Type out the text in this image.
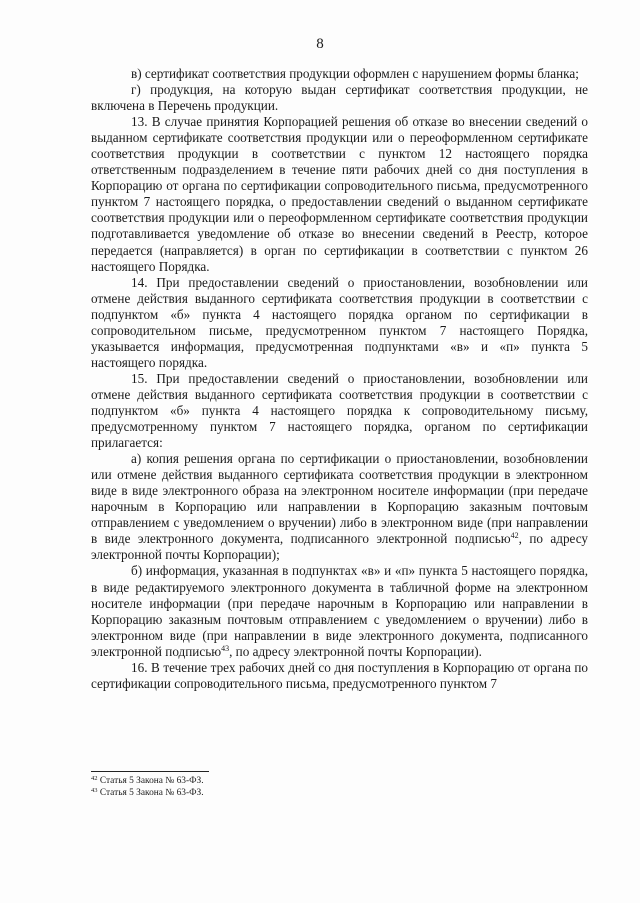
8

в) сертификат соответствия продукции оформлен с нарушением формы бланка;

г) продукция, на которую выдан сертификат соответствия продукции, не включена в Перечень продукции.

13. В случае принятия Корпорацией решения об отказе во внесении сведений о выданном сертификате соответствия продукции или о переоформленном сертификате соответствия продукции в соответствии с пунктом 12 настоящего порядка ответственным подразделением в течение пяти рабочих дней со дня поступления в Корпорацию от органа по сертификации сопроводительного письма, предусмотренного пунктом 7 настоящего порядка, о предоставлении сведений о выданном сертификате соответствия продукции или о переоформленном сертификате соответствия продукции подготавливается уведомление об отказе во внесении сведений в Реестр, которое передается (направляется) в орган по сертификации в соответствии с пунктом 26 настоящего Порядка.

14. При предоставлении сведений о приостановлении, возобновлении или отмене действия выданного сертификата соответствия продукции в соответствии с подпунктом «б» пункта 4 настоящего порядка органом по сертификации в сопроводительном письме, предусмотренном пунктом 7 настоящего Порядка, указывается информация, предусмотренная подпунктами «в» и «п» пункта 5 настоящего порядка.

15. При предоставлении сведений о приостановлении, возобновлении или отмене действия выданного сертификата соответствия продукции в соответствии с подпунктом «б» пункта 4 настоящего порядка к сопроводительному письму, предусмотренному пунктом 7 настоящего порядка, органом по сертификации прилагается:

а) копия решения органа по сертификации о приостановлении, возобновлении или отмене действия выданного сертификата соответствия продукции в электронном виде в виде электронного образа на электронном носителе информации (при передаче нарочным в Корпорацию или направлении в Корпорацию заказным почтовым отправлением с уведомлением о вручении) либо в электронном виде (при направлении в виде электронного документа, подписанного электронной подписью$^{42}$, по адресу электронной почты Корпорации);

б) информация, указанная в подпунктах «в» и «п» пункта 5 настоящего порядка, в виде редактируемого электронного документа в табличной форме на электронном носителе информации (при передаче нарочным в Корпорацию или направлении в Корпорацию заказным почтовым отправлением с уведомлением о вручении) либо в электронном виде (при направлении в виде электронного документа, подписанного электронной подписью$^{43}$, по адресу электронной почты Корпорации).

16. В течение трех рабочих дней со дня поступления в Корпорацию от органа по сертификации сопроводительного письма, предусмотренного пунктом 7

$^{42}$ Статья 5 Закона № 63-ФЗ.
$^{43}$ Статья 5 Закона № 63-ФЗ.
